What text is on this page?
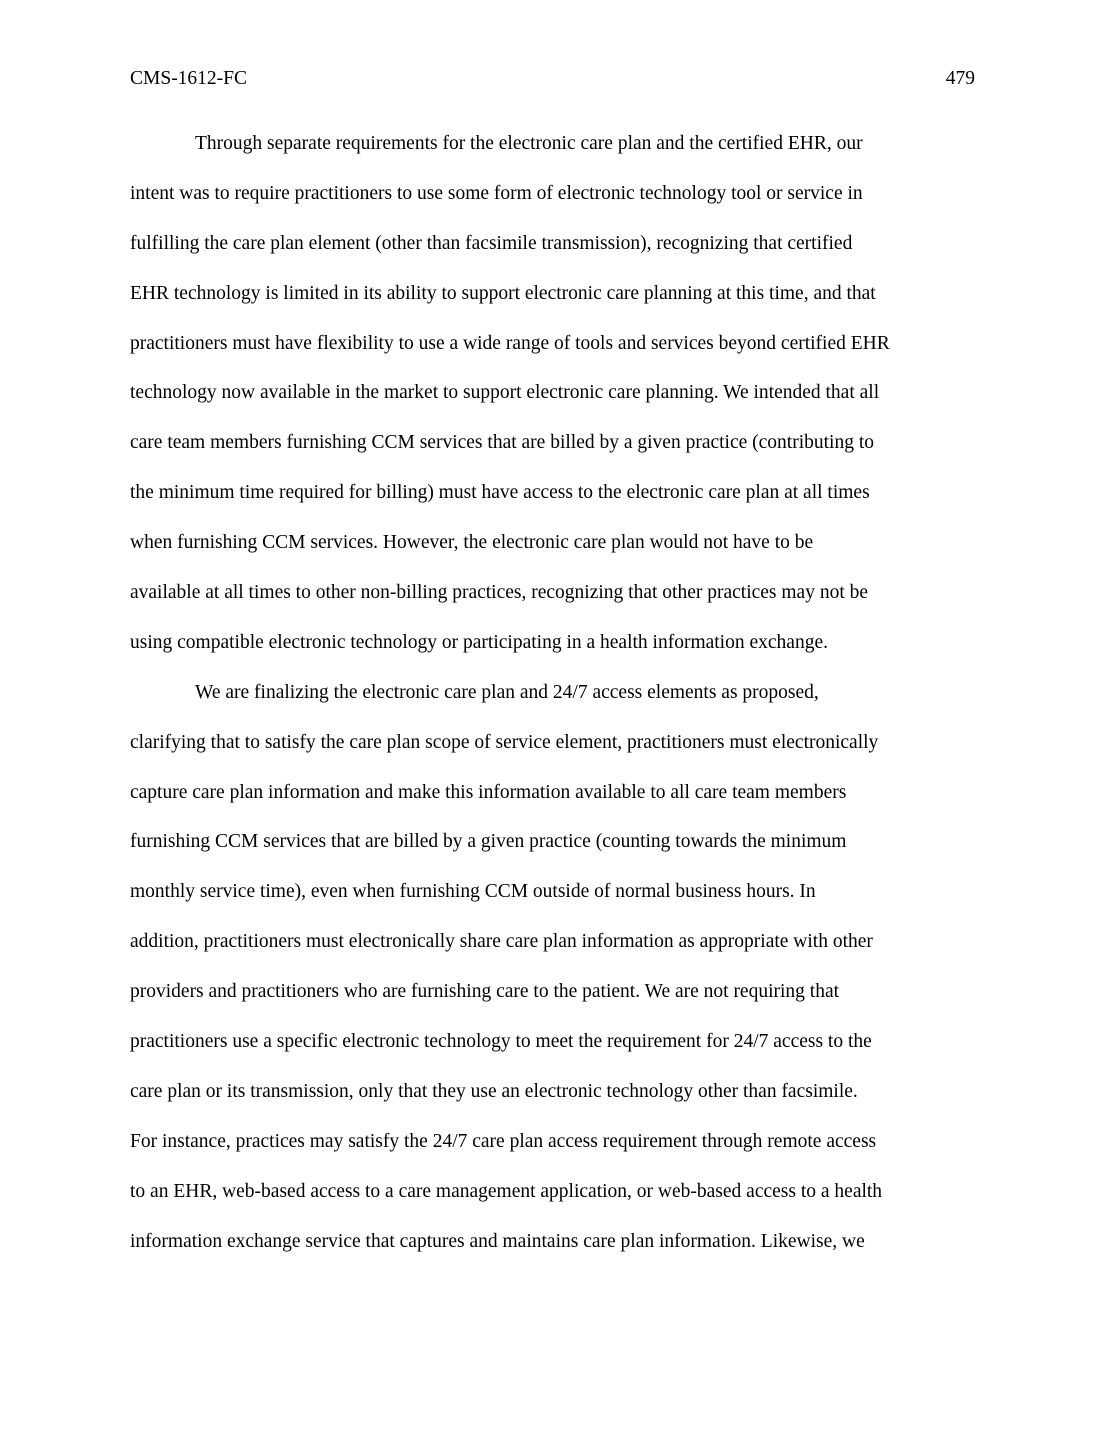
CMS-1612-FC	479
Through separate requirements for the electronic care plan and the certified EHR, our
intent was to require practitioners to use some form of electronic technology tool or service in
fulfilling the care plan element (other than facsimile transmission), recognizing that certified
EHR technology is limited in its ability to support electronic care planning at this time, and that
practitioners must have flexibility to use a wide range of tools and services beyond certified EHR
technology now available in the market to support electronic care planning. We intended that all
care team members furnishing CCM services that are billed by a given practice (contributing to
the minimum time required for billing) must have access to the electronic care plan at all times
when furnishing CCM services. However, the electronic care plan would not have to be
available at all times to other non-billing practices, recognizing that other practices may not be
using compatible electronic technology or participating in a health information exchange.
We are finalizing the electronic care plan and 24/7 access elements as proposed,
clarifying that to satisfy the care plan scope of service element, practitioners must electronically
capture care plan information and make this information available to all care team members
furnishing CCM services that are billed by a given practice (counting towards the minimum
monthly service time), even when furnishing CCM outside of normal business hours. In
addition, practitioners must electronically share care plan information as appropriate with other
providers and practitioners who are furnishing care to the patient. We are not requiring that
practitioners use a specific electronic technology to meet the requirement for 24/7 access to the
care plan or its transmission, only that they use an electronic technology other than facsimile.
For instance, practices may satisfy the 24/7 care plan access requirement through remote access
to an EHR, web-based access to a care management application, or web-based access to a health
information exchange service that captures and maintains care plan information. Likewise, we
